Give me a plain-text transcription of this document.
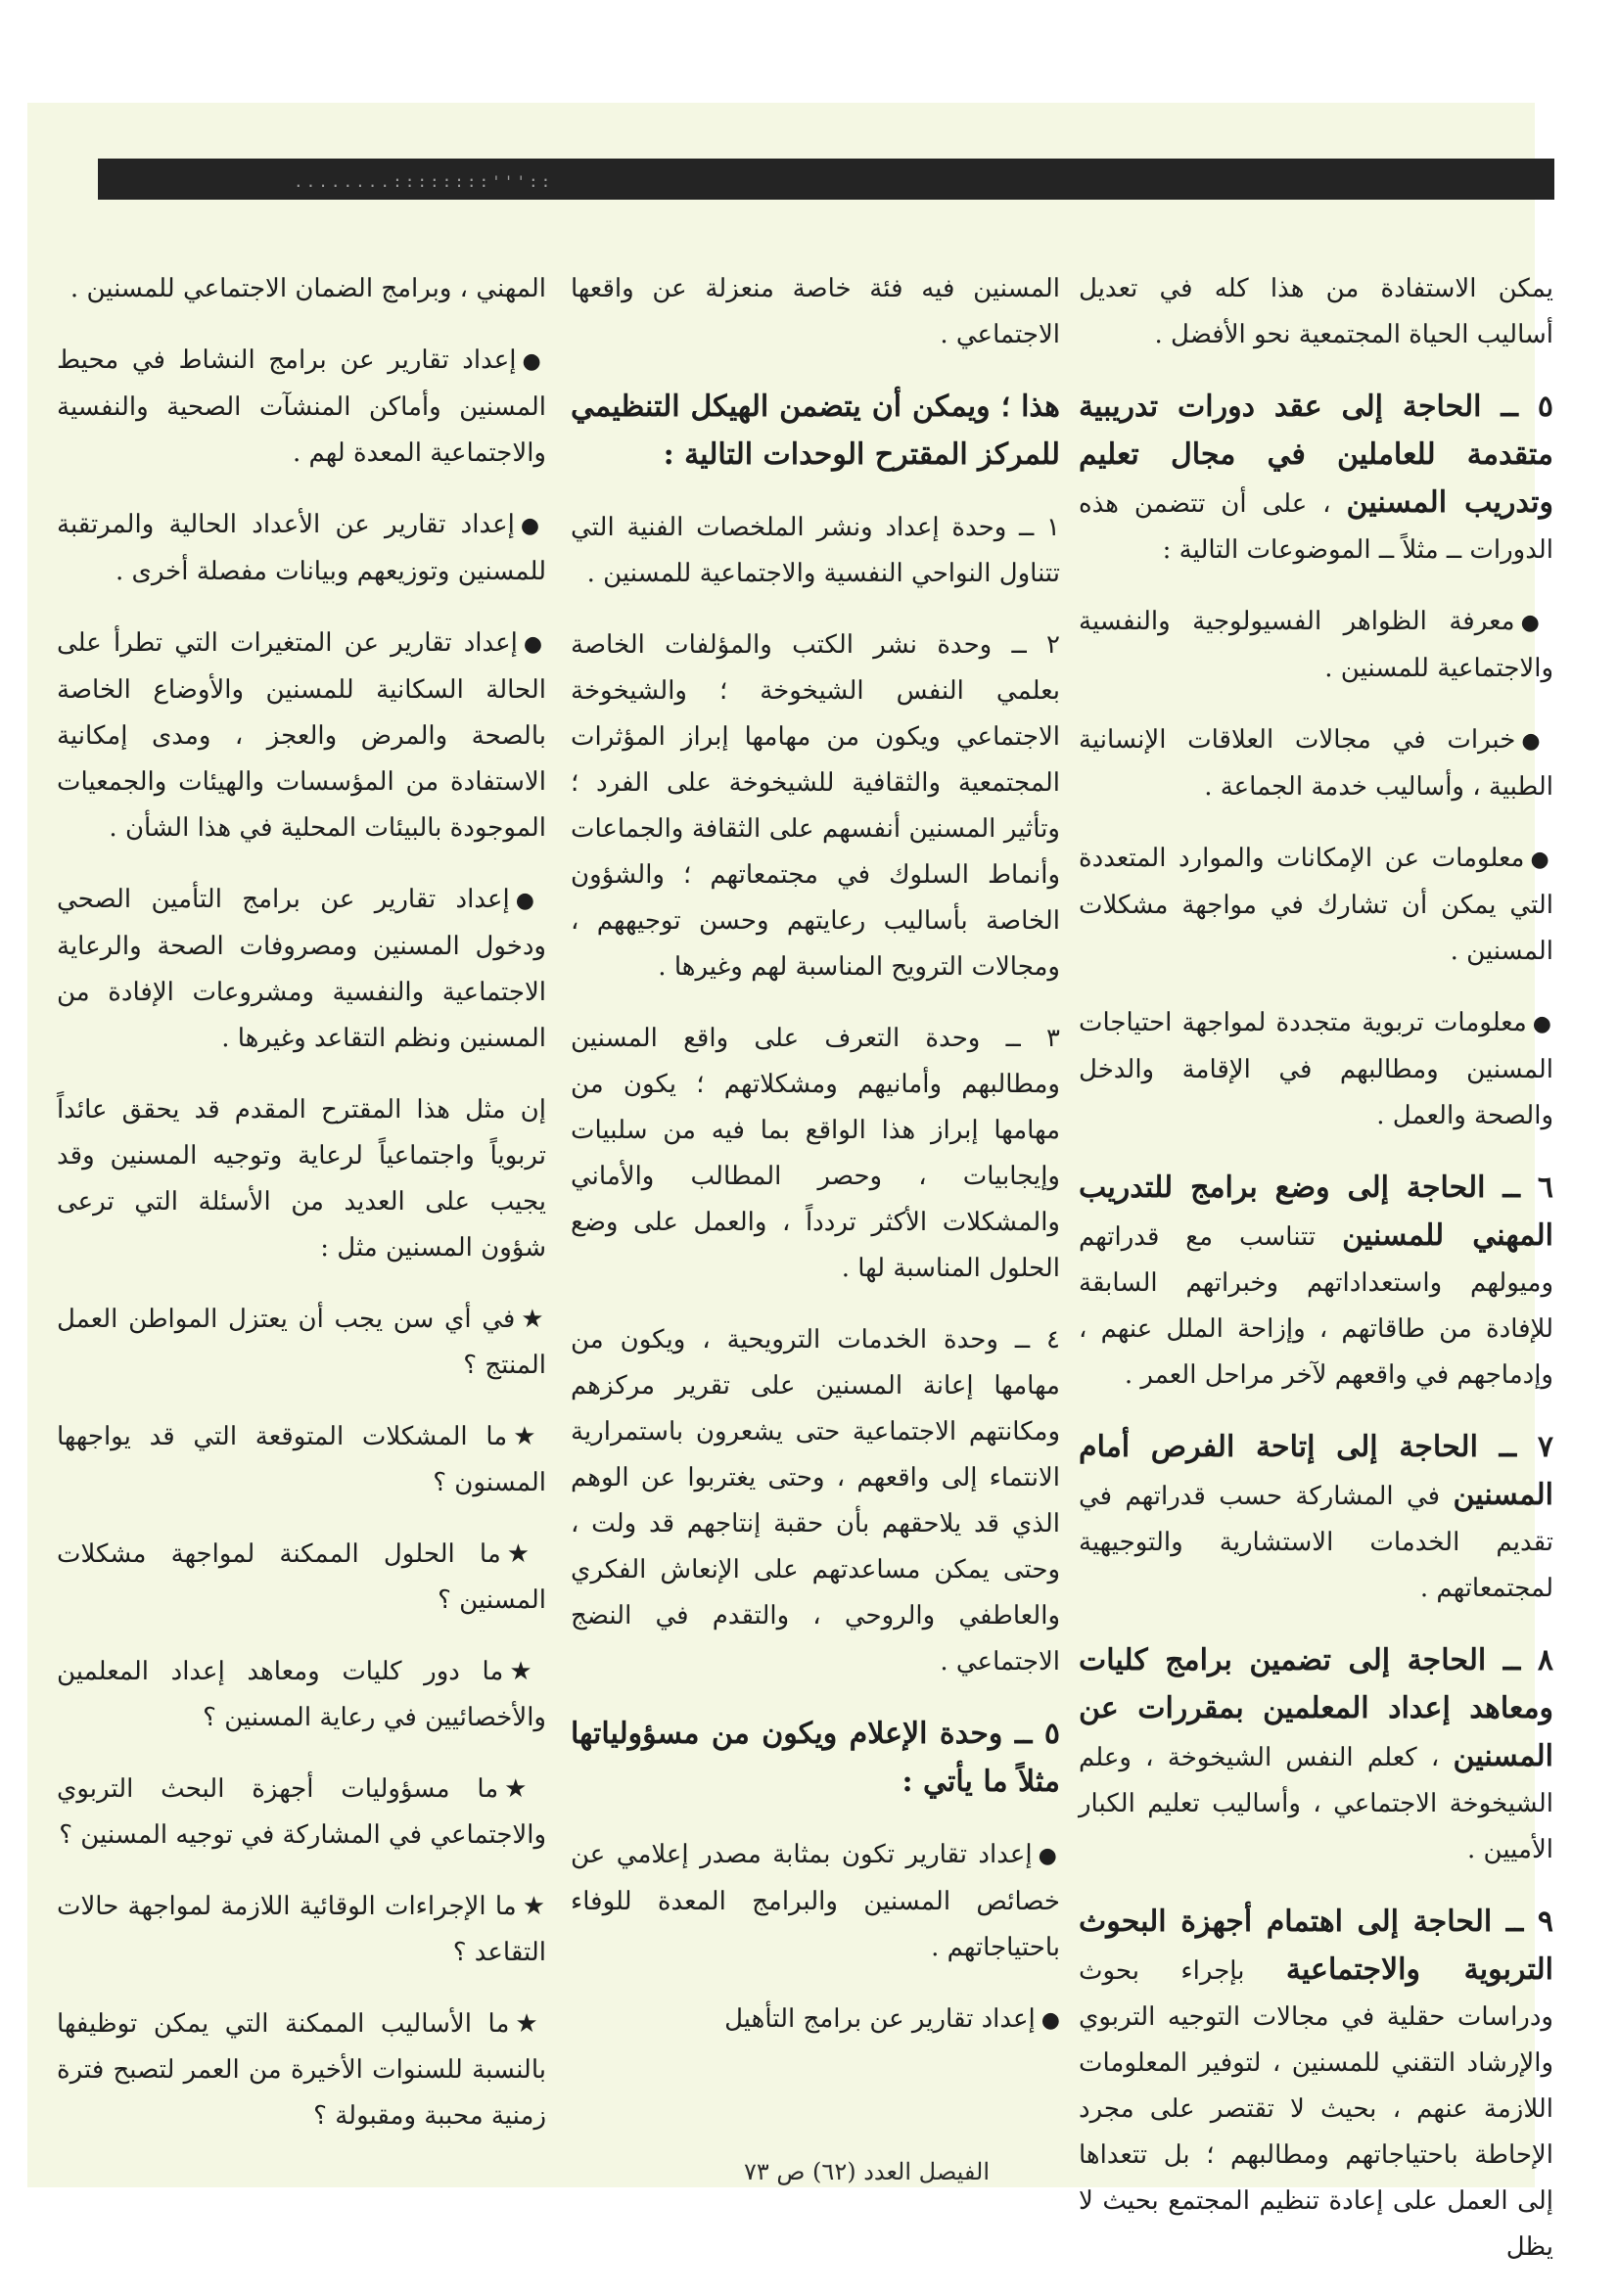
........::::::::'''::

يمكن الاستفادة من هذا كله في تعديل أساليب الحياة المجتمعية نحو الأفضل .

٥ ــ الحاجة إلى عقد دورات تدريبية متقدمة للعاملين في مجال تعليم وتدريب المسنين ، على أن تتضمن هذه الدورات ــ مثلاً ــ الموضوعات التالية :

●معرفة الظواهر الفسيولوجية والنفسية والاجتماعية للمسنين .

●خبرات في مجالات العلاقات الإنسانية الطبية ، وأساليب خدمة الجماعة .

●معلومات عن الإمكانات والموارد المتعددة التي يمكن أن تشارك في مواجهة مشكلات المسنين .

●معلومات تربوية متجددة لمواجهة احتياجات المسنين ومطالبهم في الإقامة والدخل والصحة والعمل .

٦ ــ الحاجة إلى وضع برامج للتدريب المهني للمسنين تتناسب مع قدراتهم وميولهم واستعداداتهم وخبراتهم السابقة للإفادة من طاقاتهم ، وإزاحة الملل عنهم ، وإدماجهم في واقعهم لآخر مراحل العمر .

٧ ــ الحاجة إلى إتاحة الفرص أمام المسنين في المشاركة حسب قدراتهم في تقديم الخدمات الاستشارية والتوجيهية لمجتمعاتهم .

٨ ــ الحاجة إلى تضمين برامج كليات ومعاهد إعداد المعلمين بمقررات عن المسنين ، كعلم النفس الشيخوخة ، وعلم الشيخوخة الاجتماعي ، وأساليب تعليم الكبار الأميين .

٩ ــ الحاجة إلى اهتمام أجهزة البحوث التربوية والاجتماعية بإجراء بحوث ودراسات حقلية في مجالات التوجيه التربوي والإرشاد التقني للمسنين ، لتوفير المعلومات اللازمة عنهم ، بحيث لا تقتصر على مجرد الإحاطة باحتياجاتهم ومطالبهم ؛ بل تتعداها إلى العمل على إعادة تنظيم المجتمع بحيث لا يظل

المسنين فيه فئة خاصة منعزلة عن واقعها الاجتماعي .

هذا ؛ ويمكن أن يتضمن الهيكل التنظيمي للمركز المقترح الوحدات التالية :

١ ــ وحدة إعداد ونشر الملخصات الفنية التي تتناول النواحي النفسية والاجتماعية للمسنين .

٢ ــ وحدة نشر الكتب والمؤلفات الخاصة بعلمي النفس الشيخوخة ؛ والشيخوخة الاجتماعي ويكون من مهامها إبراز المؤثرات المجتمعية والثقافية للشيخوخة على الفرد ؛ وتأثير المسنين أنفسهم على الثقافة والجماعات وأنماط السلوك في مجتمعاتهم ؛ والشؤون الخاصة بأساليب رعايتهم وحسن توجيههم ، ومجالات الترويح المناسبة لهم وغيرها .

٣ ــ وحدة التعرف على واقع المسنين ومطالبهم وأمانيهم ومشكلاتهم ؛ يكون من مهامها إبراز هذا الواقع بما فيه من سلبيات وإيجابيات ، وحصر المطالب والأماني والمشكلات الأكثر تردداً ، والعمل على وضع الحلول المناسبة لها .

٤ ــ وحدة الخدمات الترويحية ، ويكون من مهامها إعانة المسنين على تقرير مركزهم ومكانتهم الاجتماعية حتى يشعرون باستمرارية الانتماء إلى واقعهم ، وحتى يغتربوا عن الوهم الذي قد يلاحقهم بأن حقبة إنتاجهم قد ولت ، وحتى يمكن مساعدتهم على الإنعاش الفكري والعاطفي والروحي ، والتقدم في النضج الاجتماعي .

٥ ــ وحدة الإعلام ويكون من مسؤولياتها مثلاً ما يأتي :

●إعداد تقارير تكون بمثابة مصدر إعلامي عن خصائص المسنين والبرامج المعدة للوفاء باحتياجاتهم .

●إعداد تقارير عن برامج التأهيل

المهني ، وبرامج الضمان الاجتماعي للمسنين .

●إعداد تقارير عن برامج النشاط في محيط المسنين وأماكن المنشآت الصحية والنفسية والاجتماعية المعدة لهم .

●إعداد تقارير عن الأعداد الحالية والمرتقبة للمسنين وتوزيعهم وبيانات مفصلة أخرى .

●إعداد تقارير عن المتغيرات التي تطرأ على الحالة السكانية للمسنين والأوضاع الخاصة بالصحة والمرض والعجز ، ومدى إمكانية الاستفادة من المؤسسات والهيئات والجمعيات الموجودة بالبيئات المحلية في هذا الشأن .

●إعداد تقارير عن برامج التأمين الصحي ودخول المسنين ومصروفات الصحة والرعاية الاجتماعية والنفسية ومشروعات الإفادة من المسنين ونظم التقاعد وغيرها .

إن مثل هذا المقترح المقدم قد يحقق عائداً تربوياً واجتماعياً لرعاية وتوجيه المسنين وقد يجيب على العديد من الأسئلة التي ترعى شؤون المسنين مثل :

★في أي سن يجب أن يعتزل المواطن العمل المنتج ؟

★ما المشكلات المتوقعة التي قد يواجهها المسنون ؟

★ما الحلول الممكنة لمواجهة مشكلات المسنين ؟

★ما دور كليات ومعاهد إعداد المعلمين والأخصائيين في رعاية المسنين ؟

★ما مسؤوليات أجهزة البحث التربوي والاجتماعي في المشاركة في توجيه المسنين ؟

★ما الإجراءات الوقائية اللازمة لمواجهة حالات التقاعد ؟

★ما الأساليب الممكنة التي يمكن توظيفها بالنسبة للسنوات الأخيرة من العمر لتصبح فترة زمنية محببة ومقبولة ؟

الفيصل العدد (٦٢) ص ٧٣
